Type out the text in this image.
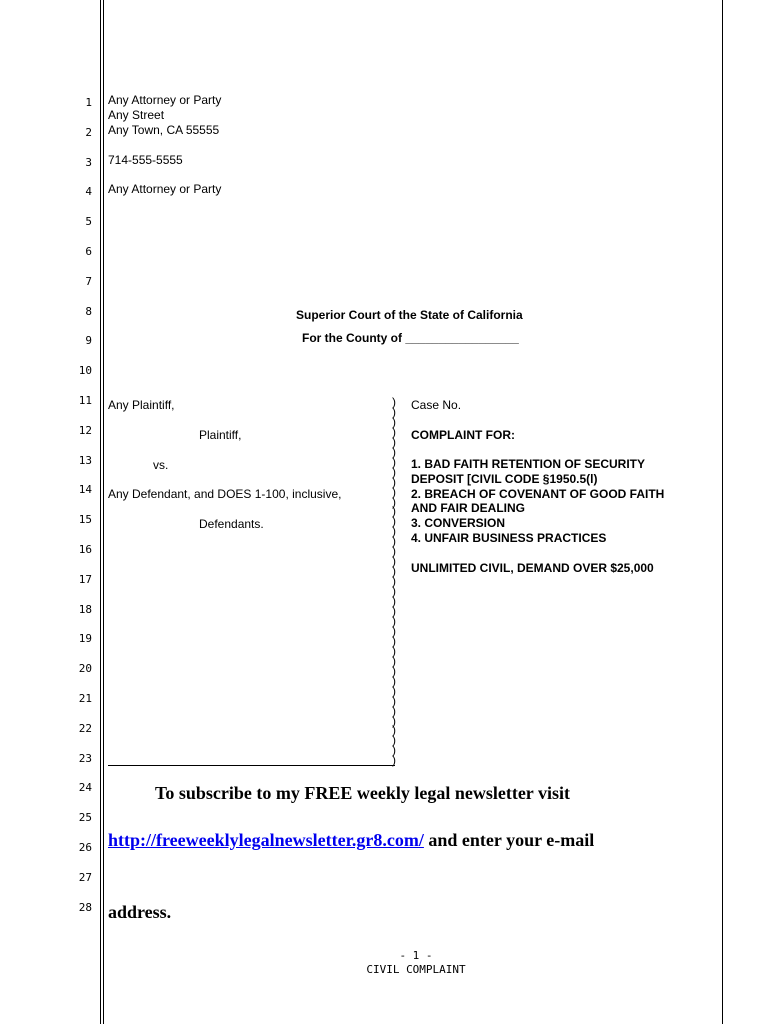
1
2
3
4
5
6
7
8
9
10
11
12
13
14
15
16
17
18
19
20
21
22
23
24
25
26
27
28
Any Attorney or Party
Any Street
Any Town, CA 55555
714-555-5555
Any Attorney or Party
Superior Court of the State of California
For the County of _________________
Any Plaintiff,
Plaintiff,
vs.
Any Defendant, and DOES 1-100, inclusive,
Defendants.
)
)
)
)
)
)
)
)
)
)
)
)
)
)
)
)
)
)
)
)
)
)
)
)
)
)
)
)
)
)
)
)
)
)
)
)
)
Case No.
COMPLAINT FOR:
1. BAD FAITH RETENTION OF SECURITY
DEPOSIT [CIVIL CODE §1950.5(l)
2. BREACH OF COVENANT OF GOOD FAITH
AND FAIR DEALING
3. CONVERSION
4. UNFAIR BUSINESS PRACTICES
UNLIMITED CIVIL, DEMAND OVER $25,000
To subscribe to my FREE weekly legal newsletter visit
http://freeweeklylegalnewsletter.gr8.com/ and enter your e-mail
address.
- 1 -
CIVIL COMPLAINT
